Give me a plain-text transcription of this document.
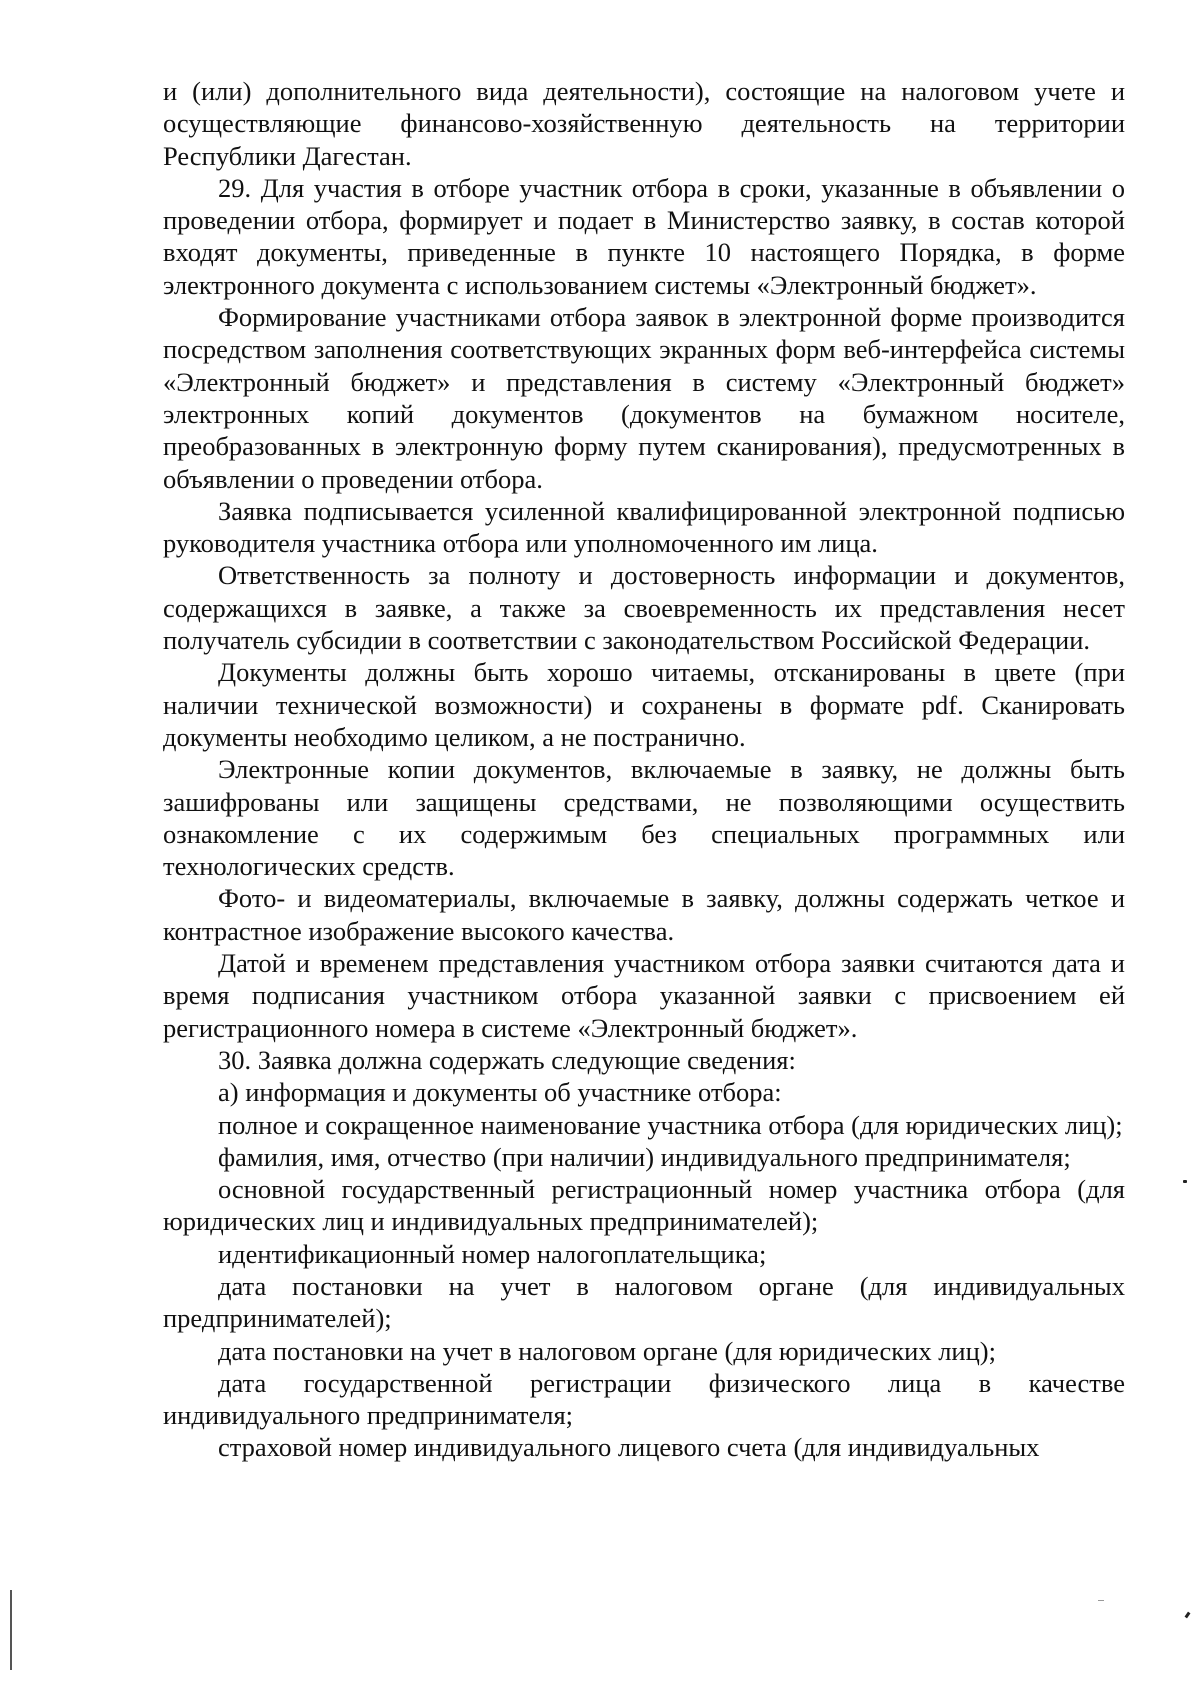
и (или) дополнительного вида деятельности), состоящие на налоговом учете и осуществляющие финансово-хозяйственную деятельность на территории Республики Дагестан.

29. Для участия в отборе участник отбора в сроки, указанные в объявлении о проведении отбора, формирует и подает в Министерство заявку, в состав которой входят документы, приведенные в пункте 10 настоящего Порядка, в форме электронного документа с использованием системы «Электронный бюджет».

Формирование участниками отбора заявок в электронной форме производится посредством заполнения соответствующих экранных форм веб-интерфейса системы «Электронный бюджет» и представления в систему «Электронный бюджет» электронных копий документов (документов на бумажном носителе, преобразованных в электронную форму путем сканирования), предусмотренных в объявлении о проведении отбора.

Заявка подписывается усиленной квалифицированной электронной подписью руководителя участника отбора или уполномоченного им лица.

Ответственность за полноту и достоверность информации и документов, содержащихся в заявке, а также за своевременность их представления несет получатель субсидии в соответствии с законодательством Российской Федерации.

Документы должны быть хорошо читаемы, отсканированы в цвете (при наличии технической возможности) и сохранены в формате pdf. Сканировать документы необходимо целиком, а не постранично.

Электронные копии документов, включаемые в заявку, не должны быть зашифрованы или защищены средствами, не позволяющими осуществить ознакомление с их содержимым без специальных программных или технологических средств.

Фото- и видеоматериалы, включаемые в заявку, должны содержать четкое и контрастное изображение высокого качества.

Датой и временем представления участником отбора заявки считаются дата и время подписания участником отбора указанной заявки с присвоением ей регистрационного номера в системе «Электронный бюджет».

30. Заявка должна содержать следующие сведения:

а) информация и документы об участнике отбора:

полное и сокращенное наименование участника отбора (для юридических лиц);

фамилия, имя, отчество (при наличии) индивидуального предпринимателя;

основной государственный регистрационный номер участника отбора (для юридических лиц и индивидуальных предпринимателей);

идентификационный номер налогоплательщика;

дата постановки на учет в налоговом органе (для индивидуальных предпринимателей);

дата постановки на учет в налоговом органе (для юридических лиц);

дата государственной регистрации физического лица в качестве индивидуального предпринимателя;

страховой номер индивидуального лицевого счета (для индивидуальных
